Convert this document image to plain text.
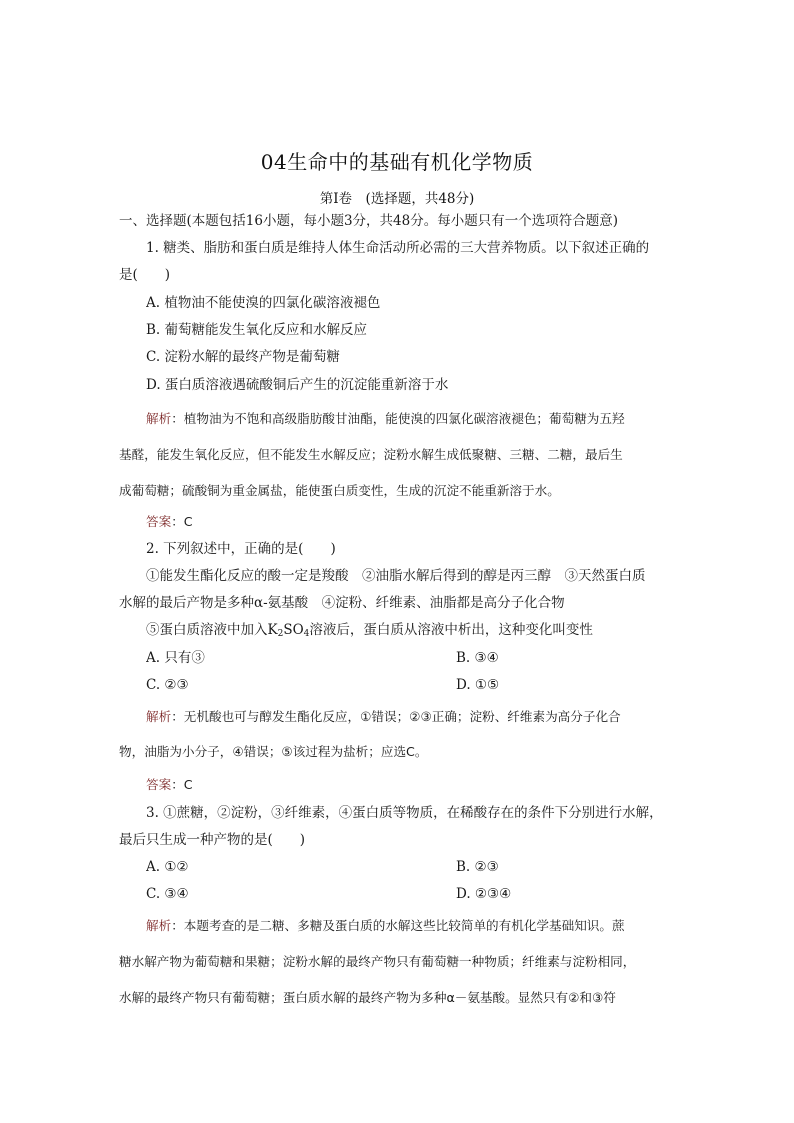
04生命中的基础有机化学物质
第Ⅰ卷　(选择题，共48分)
一、选择题(本题包括16小题，每小题3分，共48分。每小题只有一个选项符合题意)
1. 糖类、脂肪和蛋白质是维持人体生命活动所必需的三大营养物质。以下叙述正确的
是(　　)
A. 植物油不能使溴的四氯化碳溶液褪色
B. 葡萄糖能发生氧化反应和水解反应
C. 淀粉水解的最终产物是葡萄糖
D. 蛋白质溶液遇硫酸铜后产生的沉淀能重新溶于水
解析：植物油为不饱和高级脂肪酸甘油酯，能使溴的四氯化碳溶液褪色；葡萄糖为五羟
基醛，能发生氧化反应，但不能发生水解反应；淀粉水解生成低聚糖、三糖、二糖，最后生
成葡萄糖；硫酸铜为重金属盐，能使蛋白质变性，生成的沉淀不能重新溶于水。
答案：C
2. 下列叙述中，正确的是(　　)
①能发生酯化反应的酸一定是羧酸　②油脂水解后得到的醇是丙三醇　③天然蛋白质
水解的最后产物是多种α-氨基酸　④淀粉、纤维素、油脂都是高分子化合物
⑤蛋白质溶液中加入$K_2SO_4$溶液后，蛋白质从溶液中析出，这种变化叫变性
A. 只有③	B. ③④
C. ②③	D. ①⑤
解析：无机酸也可与醇发生酯化反应，①错误；②③正确；淀粉、纤维素为高分子化合
物，油脂为小分子，④错误；⑤该过程为盐析；应选C。
答案：C
3. ①蔗糖，②淀粉，③纤维素，④蛋白质等物质，在稀酸存在的条件下分别进行水解，
最后只生成一种产物的是(　　)
A. ①②	B. ②③
C. ③④	D. ②③④
解析：本题考查的是二糖、多糖及蛋白质的水解这些比较简单的有机化学基础知识。蔗
糖水解产物为葡萄糖和果糖；淀粉水解的最终产物只有葡萄糖一种物质；纤维素与淀粉相同，
水解的最终产物只有葡萄糖；蛋白质水解的最终产物为多种α－氨基酸。显然只有②和③符
